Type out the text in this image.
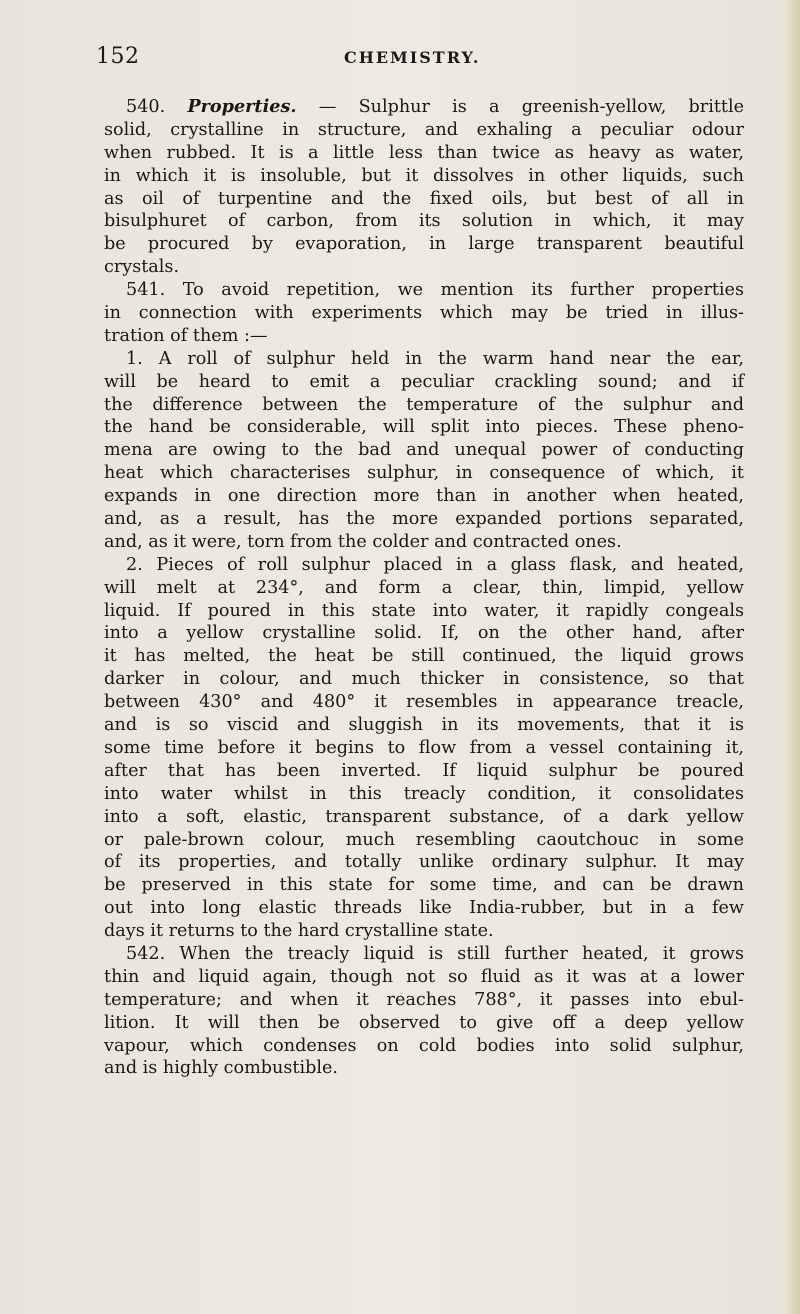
152	CHEMISTRY.
540. Properties. — Sulphur is a greenish-yellow, brittle
solid, crystalline in structure, and exhaling a peculiar odour
when rubbed. It is a little less than twice as heavy as water,
in which it is insoluble, but it dissolves in other liquids, such
as oil of turpentine and the fixed oils, but best of all in
bisulphuret of carbon, from its solution in which, it may
be procured by evaporation, in large transparent beautiful
crystals.
541. To avoid repetition, we mention its further properties
in connection with experiments which may be tried in illus-
tration of them :—
1. A roll of sulphur held in the warm hand near the ear,
will be heard to emit a peculiar crackling sound; and if
the difference between the temperature of the sulphur and
the hand be considerable, will split into pieces. These pheno-
mena are owing to the bad and unequal power of conducting
heat which characterises sulphur, in consequence of which, it
expands in one direction more than in another when heated,
and, as a result, has the more expanded portions separated,
and, as it were, torn from the colder and contracted ones.
2. Pieces of roll sulphur placed in a glass flask, and heated,
will melt at 234°, and form a clear, thin, limpid, yellow
liquid. If poured in this state into water, it rapidly congeals
into a yellow crystalline solid. If, on the other hand, after
it has melted, the heat be still continued, the liquid grows
darker in colour, and much thicker in consistence, so that
between 430° and 480° it resembles in appearance treacle,
and is so viscid and sluggish in its movements, that it is
some time before it begins to flow from a vessel containing it,
after that has been inverted. If liquid sulphur be poured
into water whilst in this treacly condition, it consolidates
into a soft, elastic, transparent substance, of a dark yellow
or pale-brown colour, much resembling caoutchouc in some
of its properties, and totally unlike ordinary sulphur. It may
be preserved in this state for some time, and can be drawn
out into long elastic threads like India-rubber, but in a few
days it returns to the hard crystalline state.
542. When the treacly liquid is still further heated, it grows
thin and liquid again, though not so fluid as it was at a lower
temperature; and when it reaches 788°, it passes into ebul-
lition. It will then be observed to give off a deep yellow
vapour, which condenses on cold bodies into solid sulphur,
and is highly combustible.
